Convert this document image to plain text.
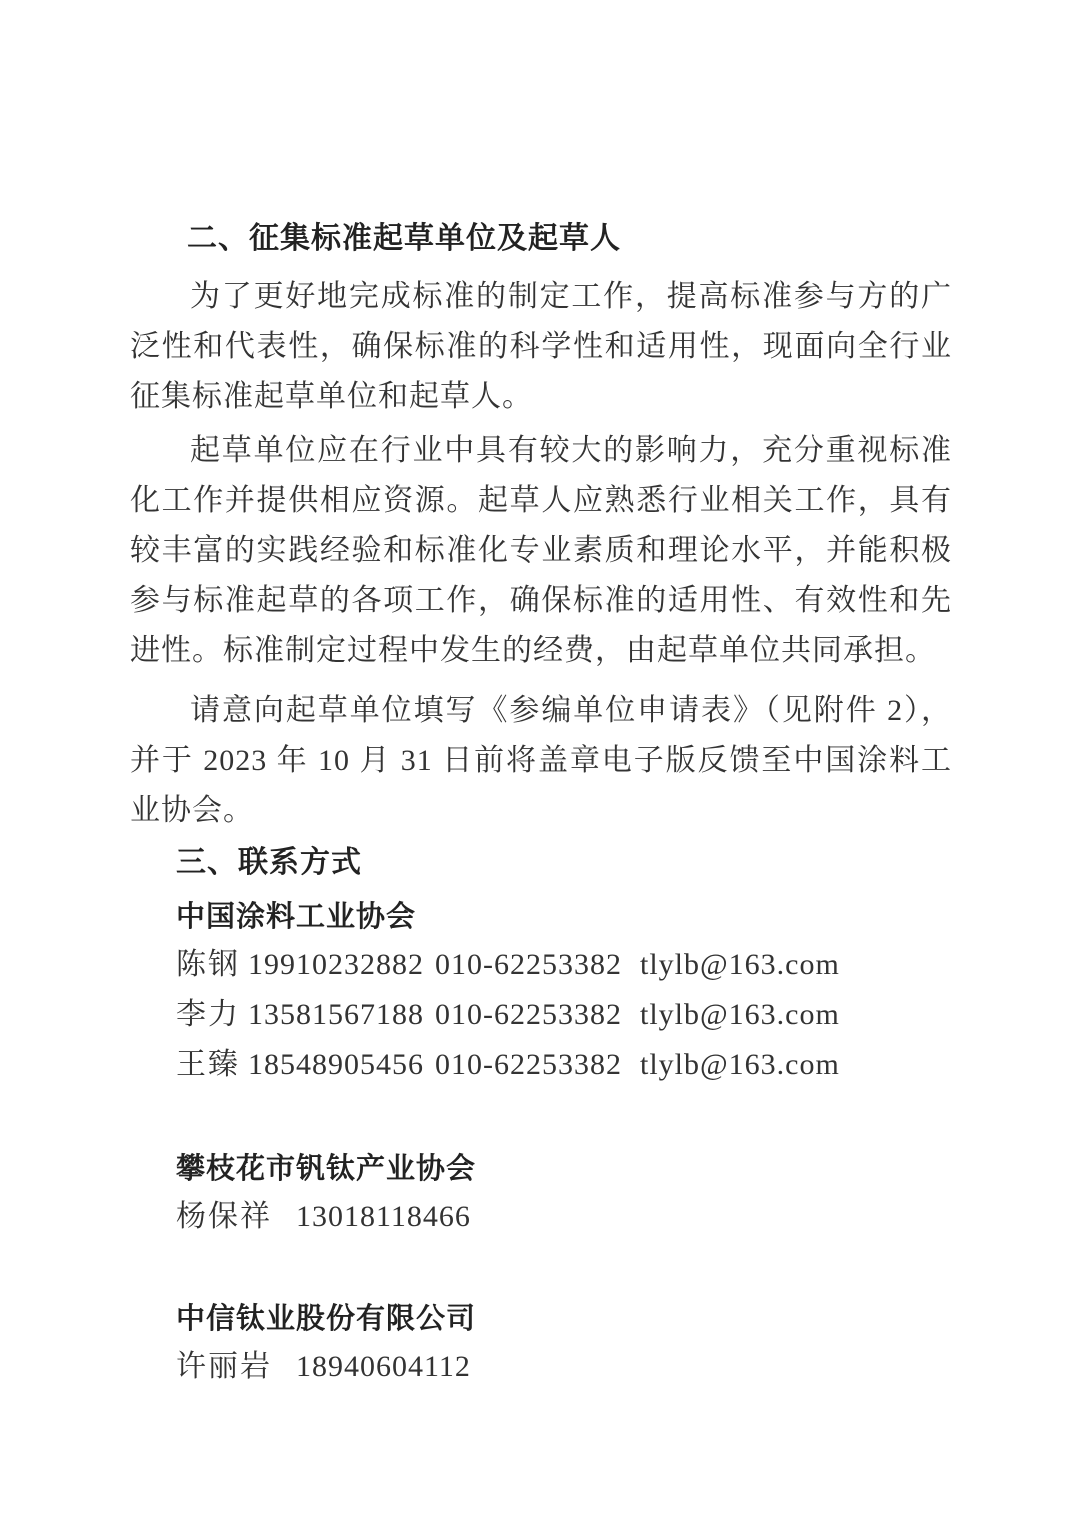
二、征集标准起草单位及起草人

为了更好地完成标准的制定工作，提高标准参与方的广泛性和代表性，确保标准的科学性和适用性，现面向全行业征集标准起草单位和起草人。

起草单位应在行业中具有较大的影响力，充分重视标准化工作并提供相应资源。起草人应熟悉行业相关工作，具有较丰富的实践经验和标准化专业素质和理论水平，并能积极参与标准起草的各项工作，确保标准的适用性、有效性和先进性。标准制定过程中发生的经费，由起草单位共同承担。

请意向起草单位填写《参编单位申请表》（见附件 2），并于 2023 年 10 月 31 日前将盖章电子版反馈至中国涂料工业协会。

三、联系方式
中国涂料工业协会
陈钢 19910232882 010-62253382 tlylb@163.com
李力 13581567188 010-62253382 tlylb@163.com
王臻 18548905456 010-62253382 tlylb@163.com
攀枝花市钒钛产业协会
杨保祥 13018118466
中信钛业股份有限公司
许丽岩 18940604112
